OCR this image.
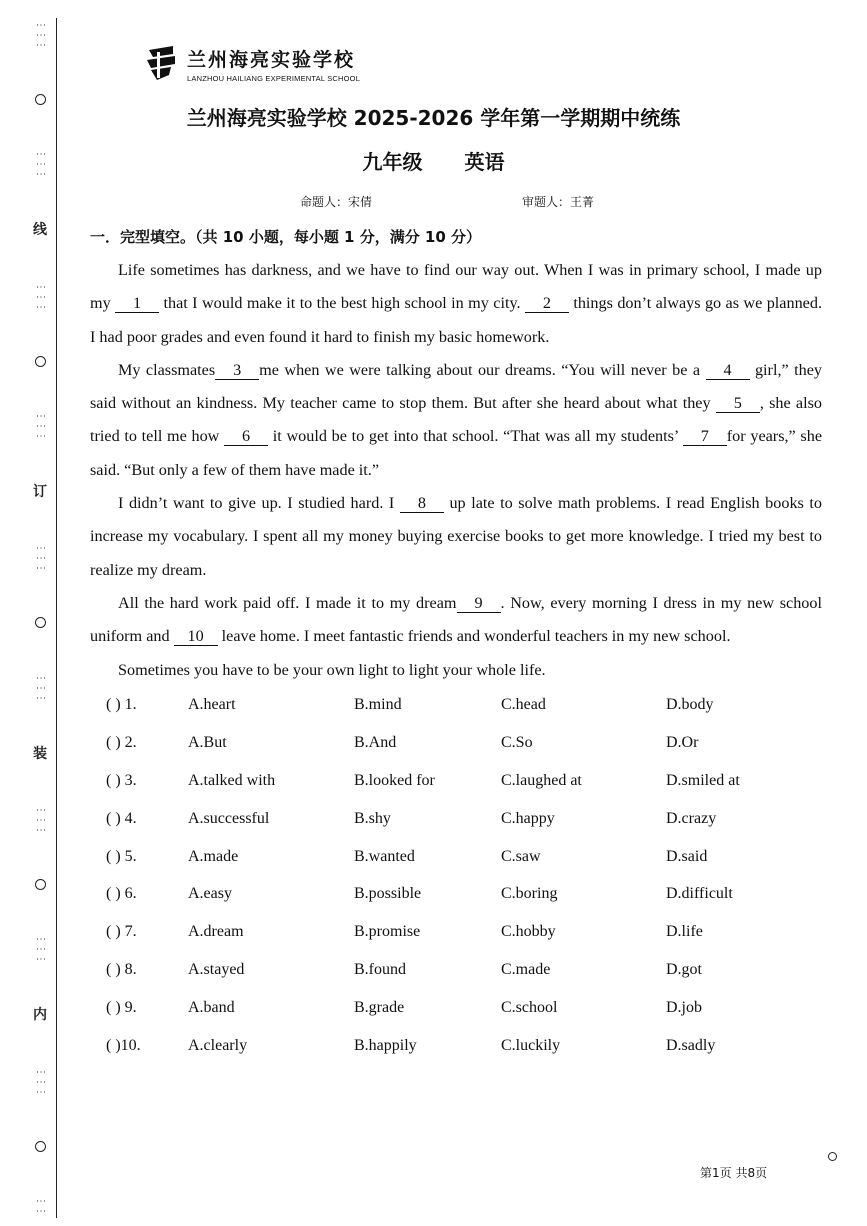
⋮⋮⋮
⋮⋮⋮
线
⋮⋮⋮
⋮⋮⋮
订
⋮⋮⋮
⋮⋮⋮
装
⋮⋮⋮
⋮⋮⋮
内
⋮⋮⋮
⋮⋮
兰州海亮实验学校
LANZHOU HAILIANG EXPERIMENTAL SCHOOL
兰州海亮实验学校 2025-2026 学年第一学期期中统练
九年级 英语
命题人：宋倩	审题人：王菁
一．完型填空。（共 10 小题，每小题 1 分，满分 10 分）

Life sometimes has darkness, and we have to find our way out. When I was in primary school, I made up my 1 that I would make it to the best high school in my city. 2 things don’t always go as we planned. I had poor grades and even found it hard to finish my basic homework.

My classmates 3 me when we were talking about our dreams. “You will never be a 4 girl,” they said without an kindness. My teacher came to stop them. But after she heard about what they 5 , she also tried to tell me how 6 it would be to get into that school. “That was all my students’ 7 for years,” she said. “But only a few of them have made it.”

I didn’t want to give up. I studied hard. I 8 up late to solve math problems. I read English books to increase my vocabulary. I spent all my money buying exercise books to get more knowledge. I tried my best to realize my dream.

All the hard work paid off. I made it to my dream 9 . Now, every morning I dress in my new school uniform and 10 leave home. I meet fantastic friends and wonderful teachers in my new school.

Sometimes you have to be your own light to light your whole life.

( ) 1.	A.heart	B.mind	C.head	D.body
( ) 2.	A.But	B.And	C.So	D.Or
( ) 3.	A.talked with	B.looked for	C.laughed at	D.smiled at
( ) 4.	A.successful	B.shy	C.happy	D.crazy
( ) 5.	A.made	B.wanted	C.saw	D.said
( ) 6.	A.easy	B.possible	C.boring	D.difficult
( ) 7.	A.dream	B.promise	C.hobby	D.life
( ) 8.	A.stayed	B.found	C.made	D.got
( ) 9.	A.band	B.grade	C.school	D.job
( )10.	A.clearly	B.happily	C.luckily	D.sadly
第1页 共8页
